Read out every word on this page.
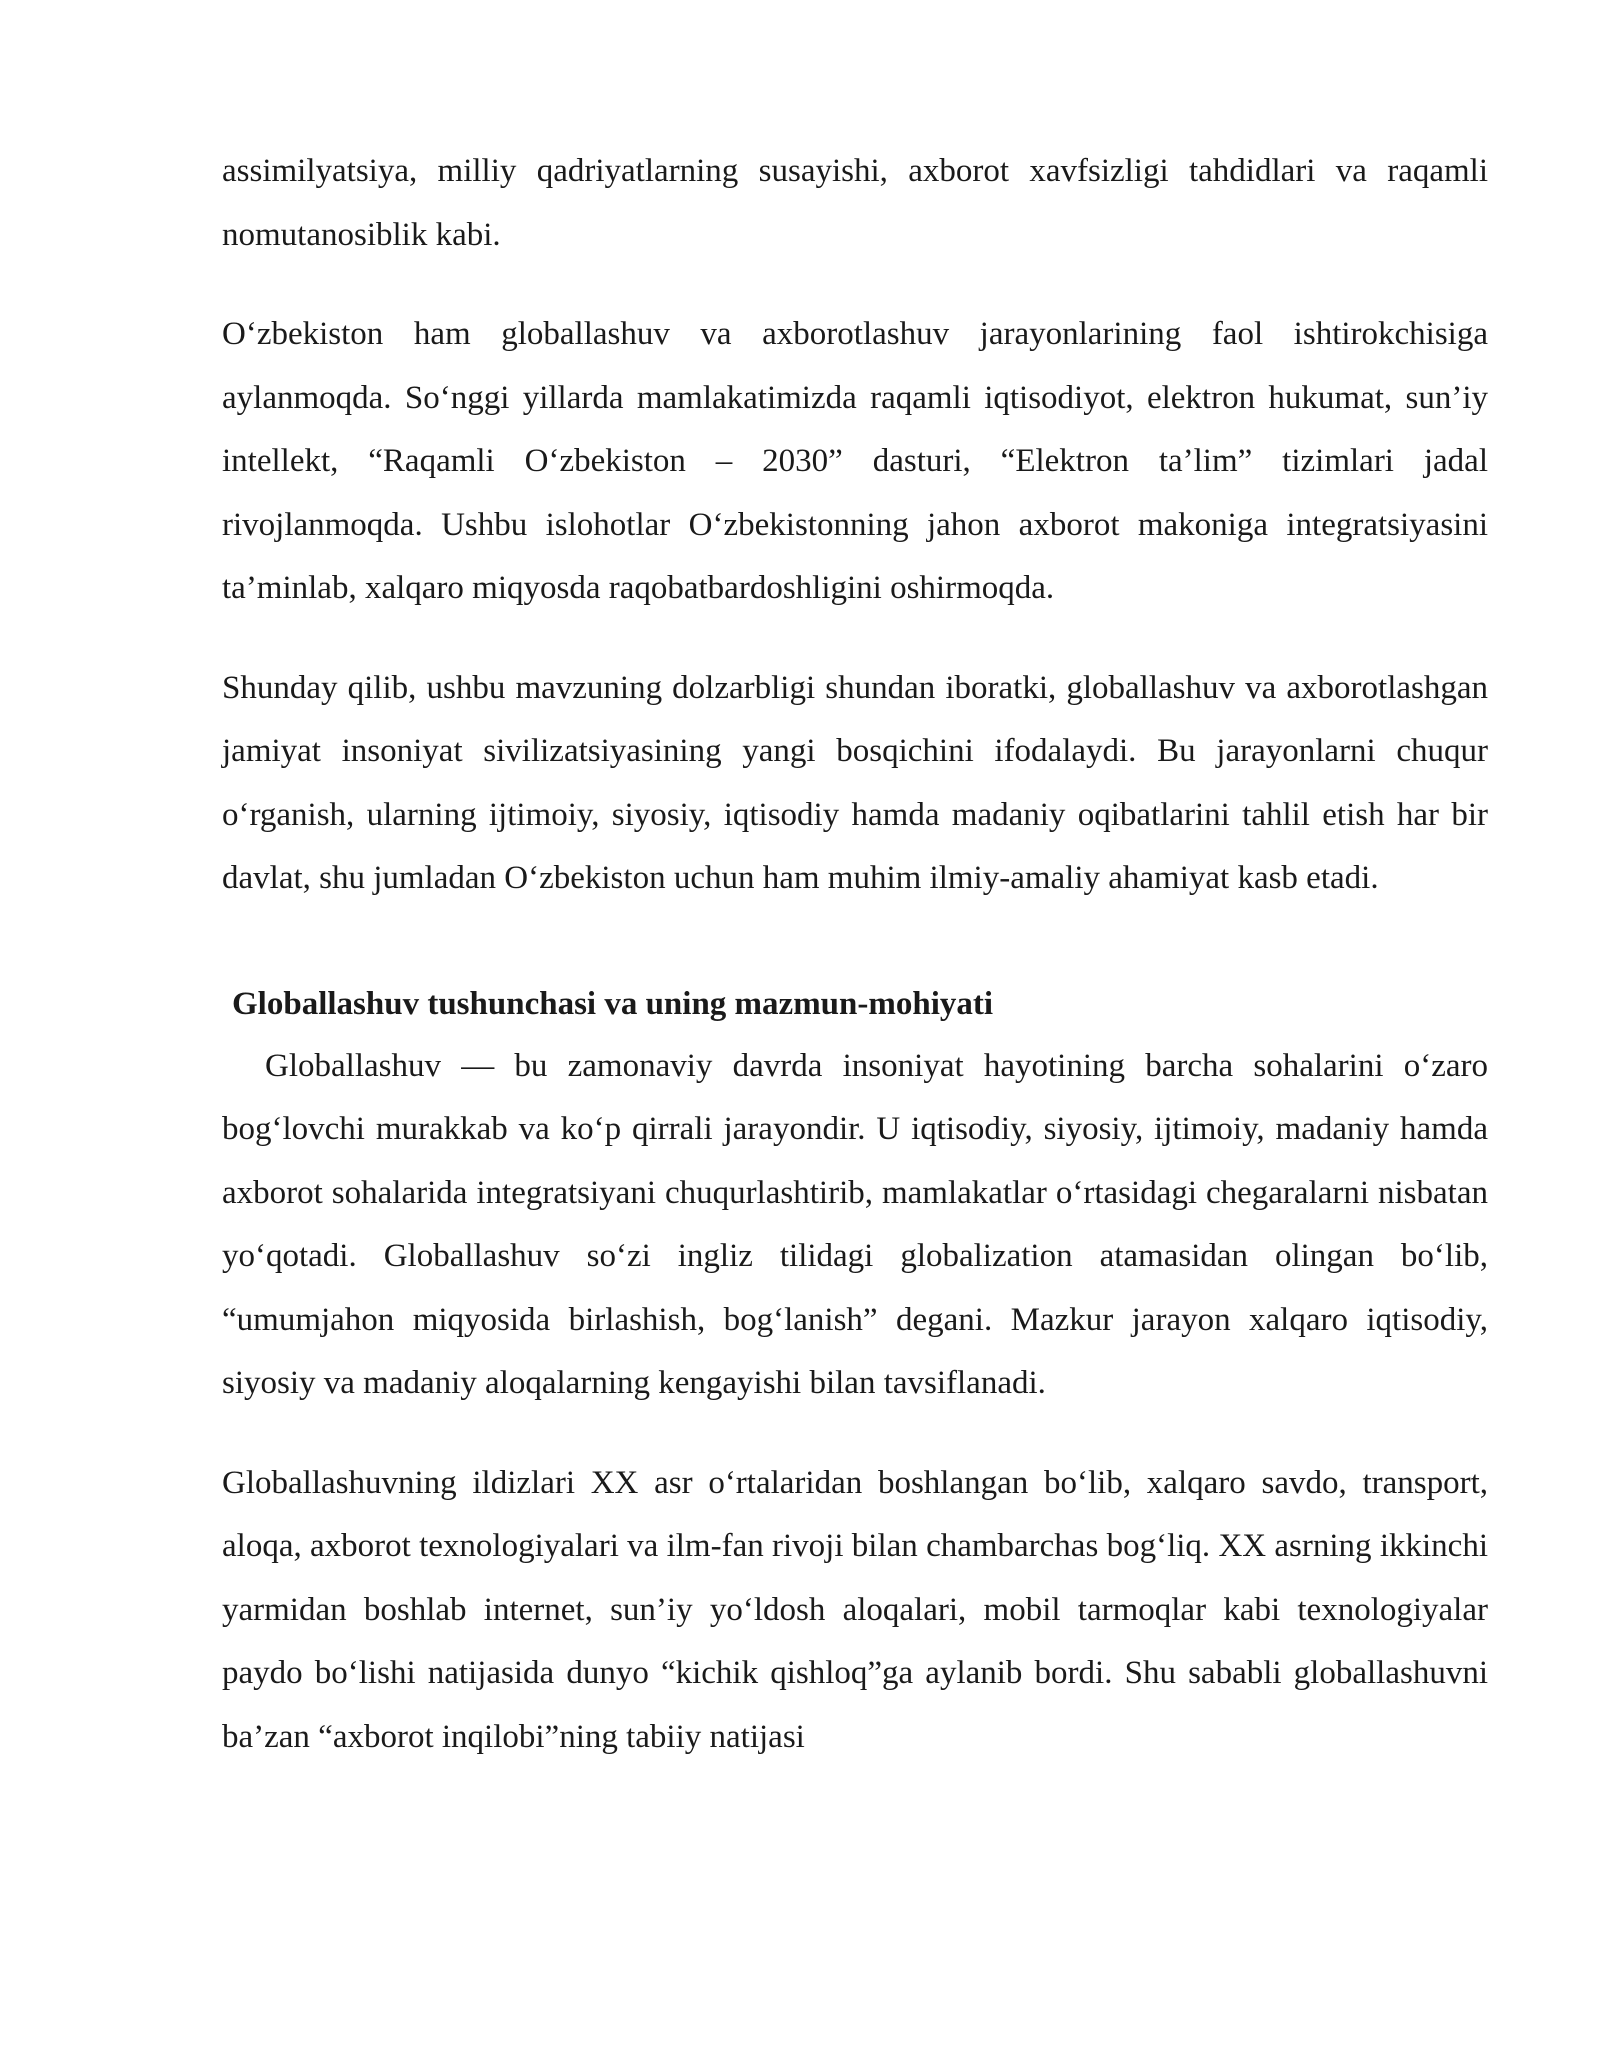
assimilyatsiya, milliy qadriyatlarning susayishi, axborot xavfsizligi tahdidlari va raqamli nomutanosiblik kabi.

O‘zbekiston ham globallashuv va axborotlashuv jarayonlarining faol ishtirokchisiga aylanmoqda. So‘nggi yillarda mamlakatimizda raqamli iqtisodiyot, elektron hukumat, sun’iy intellekt, “Raqamli O‘zbekiston – 2030” dasturi, “Elektron ta’lim” tizimlari jadal rivojlanmoqda. Ushbu islohotlar O‘zbekistonning jahon axborot makoniga integratsiyasini ta’minlab, xalqaro miqyosda raqobatbardoshligini oshirmoqda.

Shunday qilib, ushbu mavzuning dolzarbligi shundan iboratki, globallashuv va axborotlashgan jamiyat insoniyat sivilizatsiyasining yangi bosqichini ifodalaydi. Bu jarayonlarni chuqur o‘rganish, ularning ijtimoiy, siyosiy, iqtisodiy hamda madaniy oqibatlarini tahlil etish har bir davlat, shu jumladan O‘zbekiston uchun ham muhim ilmiy-amaliy ahamiyat kasb etadi.

Globallashuv tushunchasi va uning mazmun-mohiyati

Globallashuv — bu zamonaviy davrda insoniyat hayotining barcha sohalarini o‘zaro bog‘lovchi murakkab va ko‘p qirrali jarayondir. U iqtisodiy, siyosiy, ijtimoiy, madaniy hamda axborot sohalarida integratsiyani chuqurlashtirib, mamlakatlar o‘rtasidagi chegaralarni nisbatan yo‘qotadi. Globallashuv so‘zi ingliz tilidagi globalization atamasidan olingan bo‘lib, “umumjahon miqyosida birlashish, bog‘lanish” degani. Mazkur jarayon xalqaro iqtisodiy, siyosiy va madaniy aloqalarning kengayishi bilan tavsiflanadi.

Globallashuvning ildizlari XX asr o‘rtalaridan boshlangan bo‘lib, xalqaro savdo, transport, aloqa, axborot texnologiyalari va ilm-fan rivoji bilan chambarchas bog‘liq. XX asrning ikkinchi yarmidan boshlab internet, sun’iy yo‘ldosh aloqalari, mobil tarmoqlar kabi texnologiyalar paydo bo‘lishi natijasida dunyo “kichik qishloq”ga aylanib bordi. Shu sababli globallashuvni ba’zan “axborot inqilobi”ning tabiiy natijasi
